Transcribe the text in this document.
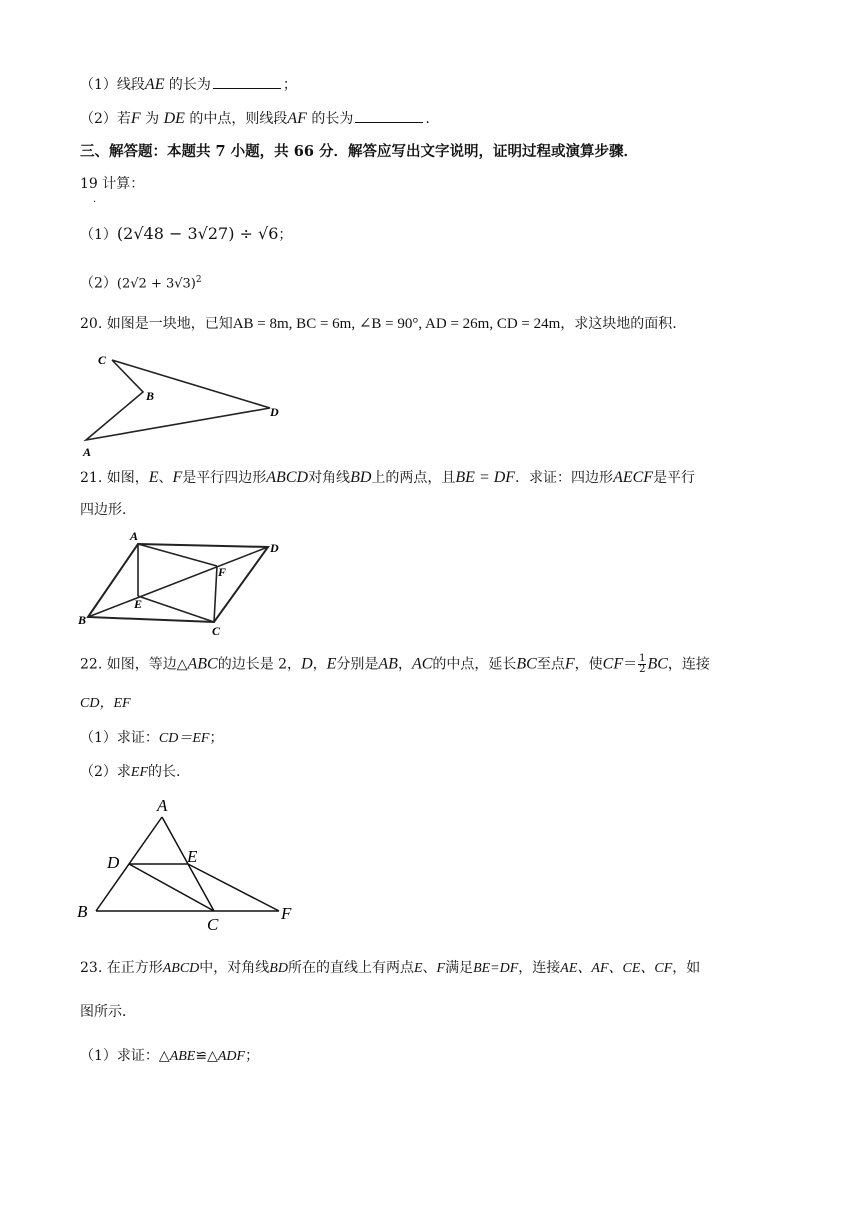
（1）线段AE 的长为	；
（2）若F 为 DE 的中点，则线段AF 的长为	.
三、解答题：本题共 7 小题，共 66 分．解答应写出文字说明，证明过程或演算步骤．
19 计算：
.
（1）(2√48 − 3√27) ÷ √6；
$(2)(2√2 + 3√3)^2$
20. 如图是一块地，已知AB = 8m, BC = 6m, ∠B = 90°, AD = 26m, CD = 24m，求这块地的面积.
C
B
D
A
21. 如图，E、F是平行四边形ABCD对角线BD上的两点，且BE = DF．求证：四边形AECF是平行
四边形.
A
D
F
E
B
C
22. 如图，等边△ABC的边长是 2，D，E分别是AB，AC的中点，延长BC至点F，使$CF= \frac{1}{2}$ BC，连接
CD，EF
（1）求证：CD＝EF；
（2）求EF的长.
A
D	E
B
C
F
23. 在正方形ABCD中，对角线BD所在的直线上有两点E、F满足BE=DF，连接AE、AF、CE、CF，如
图所示．
（1）求证：△ABE≌△ADF；
